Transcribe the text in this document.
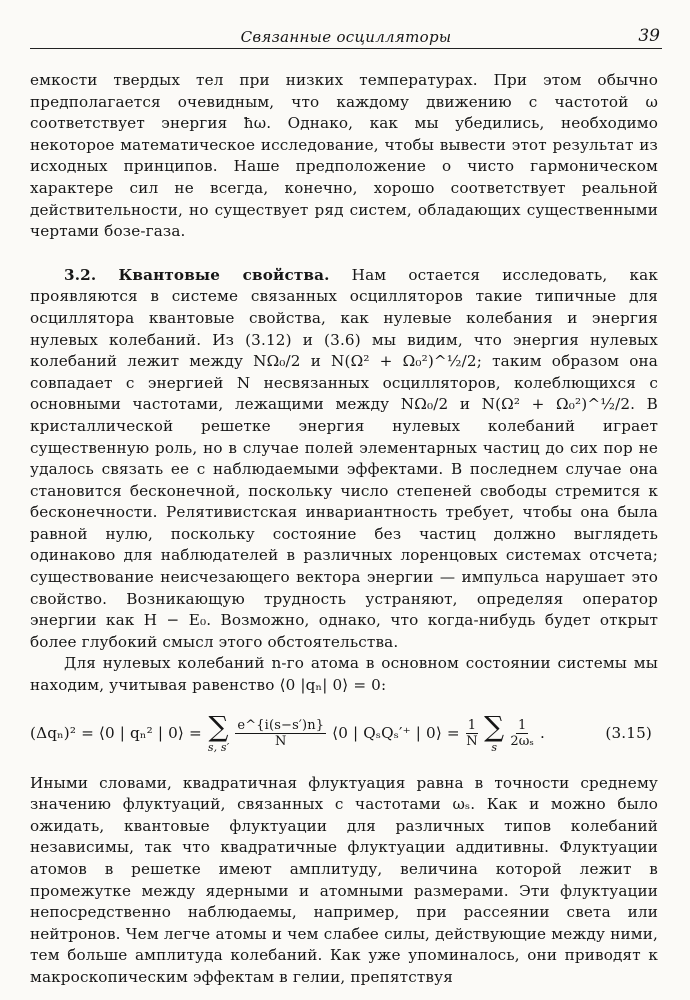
Связанные осцилляторы	39

емкости твердых тел при низких температурах. При этом обычно предполагается очевидным, что каждому движению с частотой ω соответствует энергия ħω. Однако, как мы убедились, необходимо некоторое математическое исследование, чтобы вывести этот результат из исходных принципов. Наше предположение о чисто гармоническом характере сил не всегда, конечно, хорошо соответствует реальной действительности, но существует ряд систем, обладающих существенными чертами бозе-газа.

3.2. Квантовые свойства. Нам остается исследовать, как проявляются в системе связанных осцилляторов такие типичные для осциллятора квантовые свойства, как нулевые колебания и энергия нулевых колебаний. Из (3.12) и (3.6) мы видим, что энергия нулевых колебаний лежит между NΩ₀/2 и N(Ω² + Ω₀²)^½/2; таким образом она совпадает с энергией N несвязанных осцилляторов, колеблющихся с основными частотами, лежащими между NΩ₀/2 и N(Ω² + Ω₀²)^½/2. В кристаллической решетке энергия нулевых колебаний играет существенную роль, но в случае полей элементарных частиц до сих пор не удалось связать ее с наблюдаемыми эффектами. В последнем случае она становится бесконечной, поскольку число степеней свободы стремится к бесконечности. Релятивистская инвариантность требует, чтобы она была равной нулю, поскольку состояние без частиц должно выглядеть одинаково для наблюдателей в различных лоренцовых системах отсчета; существование неисчезающего вектора энергии — импульса нарушает это свойство. Возникающую трудность устраняют, определяя оператор энергии как H − E₀. Возможно, однако, что когда-нибудь будет открыт более глубокий смысл этого обстоятельства.

Для нулевых колебаний n-го атома в основном состоянии системы мы находим, учитывая равенство ⟨0 |qₙ| 0⟩ = 0:

(Δqₙ)² = ⟨0 | qₙ² | 0⟩ = ∑
s, $s' \frac{e\^{}\{i(s-s')n\}}{N}$ ⟨0 | QₛQₛ′⁺ | 0⟩ = $\frac{1}{N}$ ∑
s $\frac{1}{\text{2ωₛ}}$ .	(3.15)

Иными словами, квадратичная флуктуация равна в точности среднему значению флуктуаций, связанных с частотами ωₛ. Как и можно было ожидать, квантовые флуктуации для различных типов колебаний независимы, так что квадратичные флуктуации аддитивны. Флуктуации атомов в решетке имеют амплитуду, величина которой лежит в промежутке между ядерными и атомными размерами. Эти флуктуации непосредственно наблюдаемы, например, при рассеянии света или нейтронов. Чем легче атомы и чем слабее силы, действующие между ними, тем больше амплитуда колебаний. Как уже упоминалось, они приводят к макроскопическим эффектам в гелии, препятствуя
